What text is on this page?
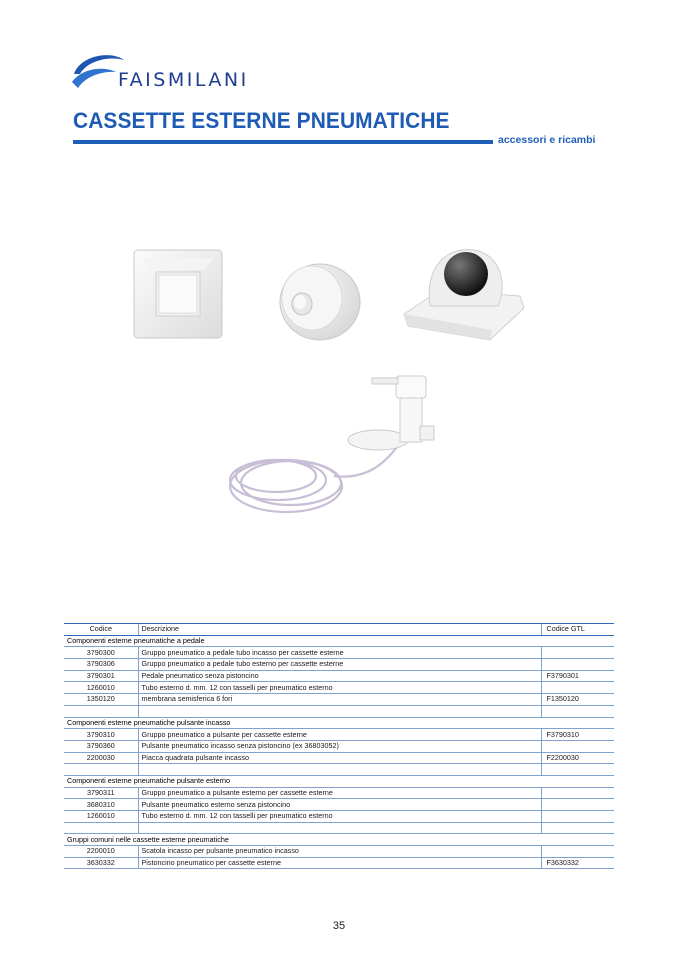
FAISMILANI
CASSETTE ESTERNE PNEUMATICHE
accessori e ricambi
Codice	Descrizione	Codice GTL
Componenti esterne pneumatiche a pedale		
3790300	Gruppo pneumatico a pedale tubo incasso per cassette esterne	
3790306	Gruppo pneumatico a pedale tubo esterno per cassette esterne	
3790301	Pedale pneumatico senza pistoncino	F3790301
1260010	Tubo esterno d. mm. 12 con tasselli per pneumatico esterno	
1350120	membrana semisferica 6 fori	F1350120

Componenti esterne pneumatiche pulsante incasso		
3790310	Gruppo pneumatico a pulsante per cassette esterne	F3790310
3790360	Pulsante pneumatico incasso senza pistoncino (ex 36803052)	
2200030	Piacca quadrata pulsante incasso	F2200030

Componenti esterne pneumatiche pulsante esterno		
3790311	Gruppo pneumatico a pulsante esterno per cassette esterne	
3680310	Pulsante pneumatico esterno senza pistoncino	
1260010	Tubo esterno d. mm. 12 con tasselli per pneumatico esterno	

Gruppi comuni nelle cassette esterne pneumatiche		
2200010	Scatola incasso per pulsante pneumatico incasso	
3630332	Pistoncino pneumatico per cassette esterne	F3630332
35
